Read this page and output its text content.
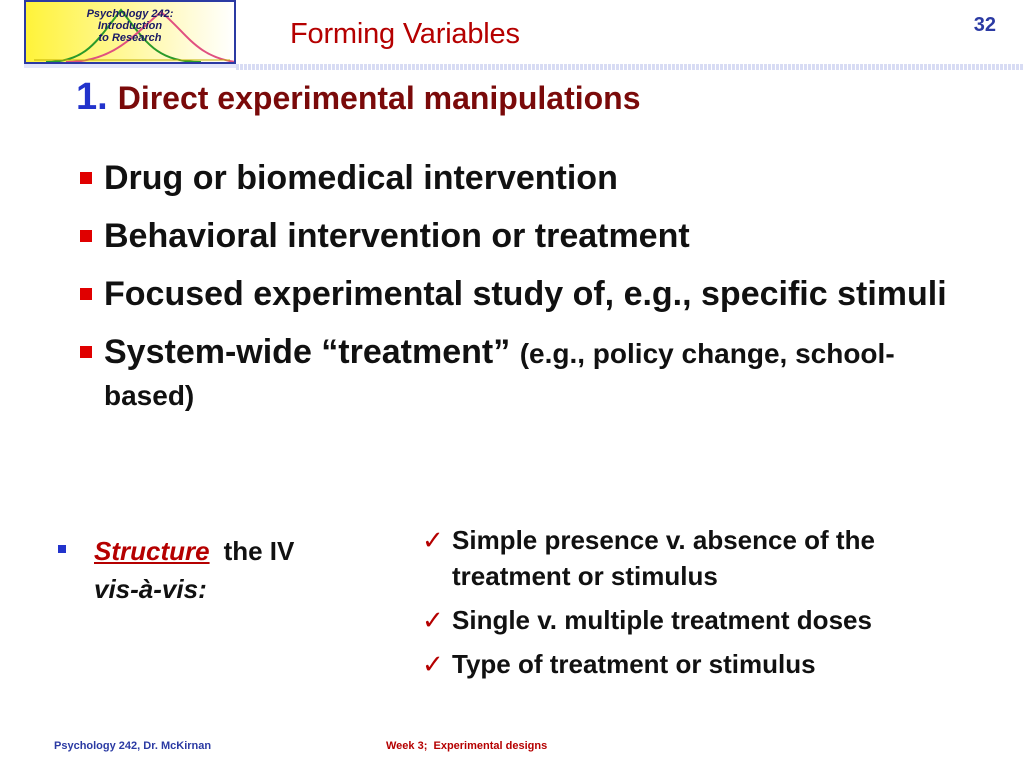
Psychology 242:
Introduction
to Research	Forming Variables	32
1. Direct experimental manipulations
Drug or biomedical intervention
Behavioral intervention or treatment
Focused experimental study of, e.g., specific stimuli
System-wide “treatment” (e.g., policy change, school-based)
Structure the IV
vis-à-vis:
✓ Simple presence v. absence of the treatment or stimulus
✓ Single v. multiple treatment doses
✓ Type of treatment or stimulus
Psychology 242, Dr. McKirnan	Week 3;  Experimental designs
